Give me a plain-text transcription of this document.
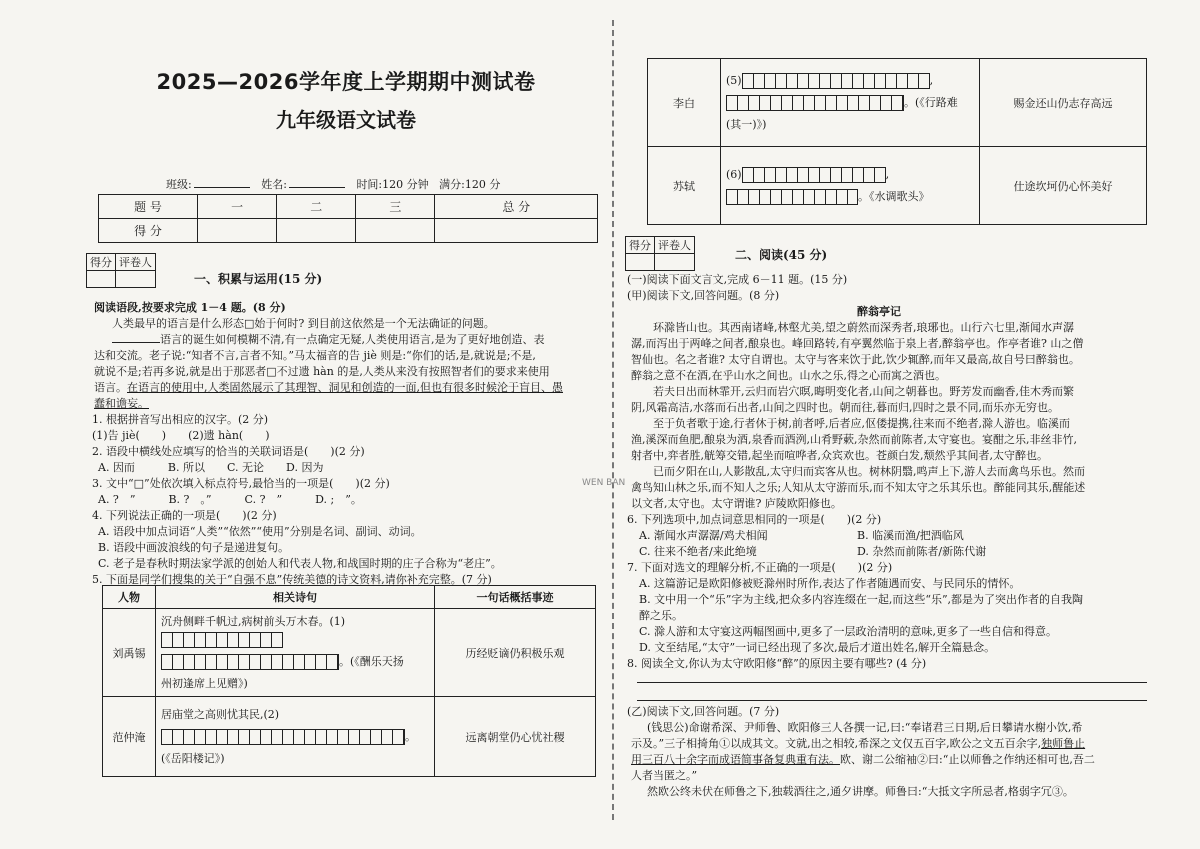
2025—2026学年度上学期期中测试卷
九年级语文试卷
班级:	姓名:	时间:120 分钟 满分:120 分
题 号	一	二	三	总 分
得 分				
得分	评卷人

一、积累与运用(15 分)
阅读语段,按要求完成 1－4 题。(8 分)
人类最早的语言是什么形态□始于何时? 到目前这依然是一个无法确证的问题。
语言的诞生如何模糊不清,有一点确定无疑,人类使用语言,是为了更好地创造、表
达和交流。老子说:“知者不言,言者不知。”马太福音的告 jiè 则是:“你们的话,是,就说是;不是,
就说不是;若再多说,就是出于那恶者□不过遗 hàn 的是,人类从来没有按照智者们的要求来使用
语言。在语言的使用中,人类固然展示了其理智、洞见和创造的一面,但也有很多时候沦于盲目、愚
蠢和谵妄。
1. 根据拼音写出相应的汉字。(2 分)
(1)告 jiè(　　)　　(2)遗 hàn(　　)
2. 语段中横线处应填写的恰当的关联词语是(　　)(2 分)
A. 因而　　　B. 所以　　C. 无论　　D. 因为
3. 文中“□”处依次填入标点符号,最恰当的一项是(　　)(2 分)
A. ?　”　　　B. ?　。”　　　C. ?　”　　　D. ;　”。
4. 下列说法正确的一项是(　　)(2 分)
A. 语段中加点词语“人类”“依然”“使用”分别是名词、副词、动词。
B. 语段中画波浪线的句子是递进复句。
C. 老子是春秋时期法家学派的创始人和代表人物,和战国时期的庄子合称为“老庄”。
5. 下面是同学们搜集的关于“自强不息”传统美德的诗文资料,请你补充完整。(7 分)
人物	相关诗句	一句话概括事迹
刘禹锡	沉舟侧畔千帆过,病树前头万木春。(1)
。(《酬乐天扬
州初逢席上见赠》)	历经贬谪仍积极乐观
范仲淹	居庙堂之高则忧其民,(2)
。
(《岳阳楼记》)	远离朝堂仍心忧社稷
李白	(5) ,
。(《行路难
(其一)》)	赐金还山仍志存高远
苏轼	(6) ,
。《水调歌头》	仕途坎坷仍心怀美好
得分	评卷人

二、阅读(45 分)
(一)阅读下面文言文,完成 6－11 题。(15 分)
(甲)阅读下文,回答问题。(8 分)
醉翁亭记
环滁皆山也。其西南诸峰,林壑尤美,望之蔚然而深秀者,琅琊也。山行六七里,渐闻水声潺
潺,而泻出于两峰之间者,酿泉也。峰回路转,有亭翼然临于泉上者,醉翁亭也。作亭者谁? 山之僧
智仙也。名之者谁? 太守自谓也。太守与客来饮于此,饮少辄醉,而年又最高,故自号曰醉翁也。
醉翁之意不在酒,在乎山水之间也。山水之乐,得之心而寓之酒也。
若夫日出而林霏开,云归而岩穴暝,晦明变化者,山间之朝暮也。野芳发而幽香,佳木秀而繁
阴,风霜高洁,水落而石出者,山间之四时也。朝而往,暮而归,四时之景不同,而乐亦无穷也。
至于负者歌于途,行者休于树,前者呼,后者应,伛偻提携,往来而不绝者,滁人游也。临溪而
渔,溪深而鱼肥,酿泉为酒,泉香而酒洌,山肴野蔌,杂然而前陈者,太守宴也。宴酣之乐,非丝非竹,
射者中,弈者胜,觥筹交错,起坐而喧哗者,众宾欢也。苍颜白发,颓然乎其间者,太守醉也。
已而夕阳在山,人影散乱,太守归而宾客从也。树林阴翳,鸣声上下,游人去而禽鸟乐也。然而
禽鸟知山林之乐,而不知人之乐;人知从太守游而乐,而不知太守之乐其乐也。醉能同其乐,醒能述
以文者,太守也。太守谓谁? 庐陵欧阳修也。
6. 下列选项中,加点词意思相同的一项是(　　)(2 分)
A. 渐闻水声潺潺/鸡犬相闻	B. 临溪而渔/把酒临风
C. 往来不绝者/来此绝境	D. 杂然而前陈者/新陈代谢
7. 下面对选文的理解分析,不正确的一项是(　　)(2 分)
A. 这篇游记是欧阳修被贬滁州时所作,表达了作者随遇而安、与民同乐的情怀。
B. 文中用一个“乐”字为主线,把众多内容连缀在一起,而这些“乐”,都是为了突出作者的自我陶
醉之乐。
C. 滁人游和太守宴这两幅图画中,更多了一层政治清明的意味,更多了一些自信和得意。
D. 文至结尾,“太守”一词已经出现了多次,最后才道出姓名,解开全篇悬念。
8. 阅读全文,你认为太守欧阳修“醉”的原因主要有哪些? (4 分)
(乙)阅读下文,回答问题。(7 分)
(钱思公)命谢希深、尹师鲁、欧阳修三人各撰一记,曰:“奉诸君三日期,后日攀请水榭小饮,希
示及。”三子相掎角①以成其文。文就,出之相较,希深之文仅五百字,欧公之文五百余字,独师鲁止
用三百八十余字而成语简事备复典重有法。欧、谢二公缩袖②曰:“止以师鲁之作纳还相可也,吾二
人者当匿之。”
然欧公终未伏在师鲁之下,独载酒往之,通夕讲摩。师鲁曰:“大抵文字所忌者,格弱字冗③。
WEN BAN
